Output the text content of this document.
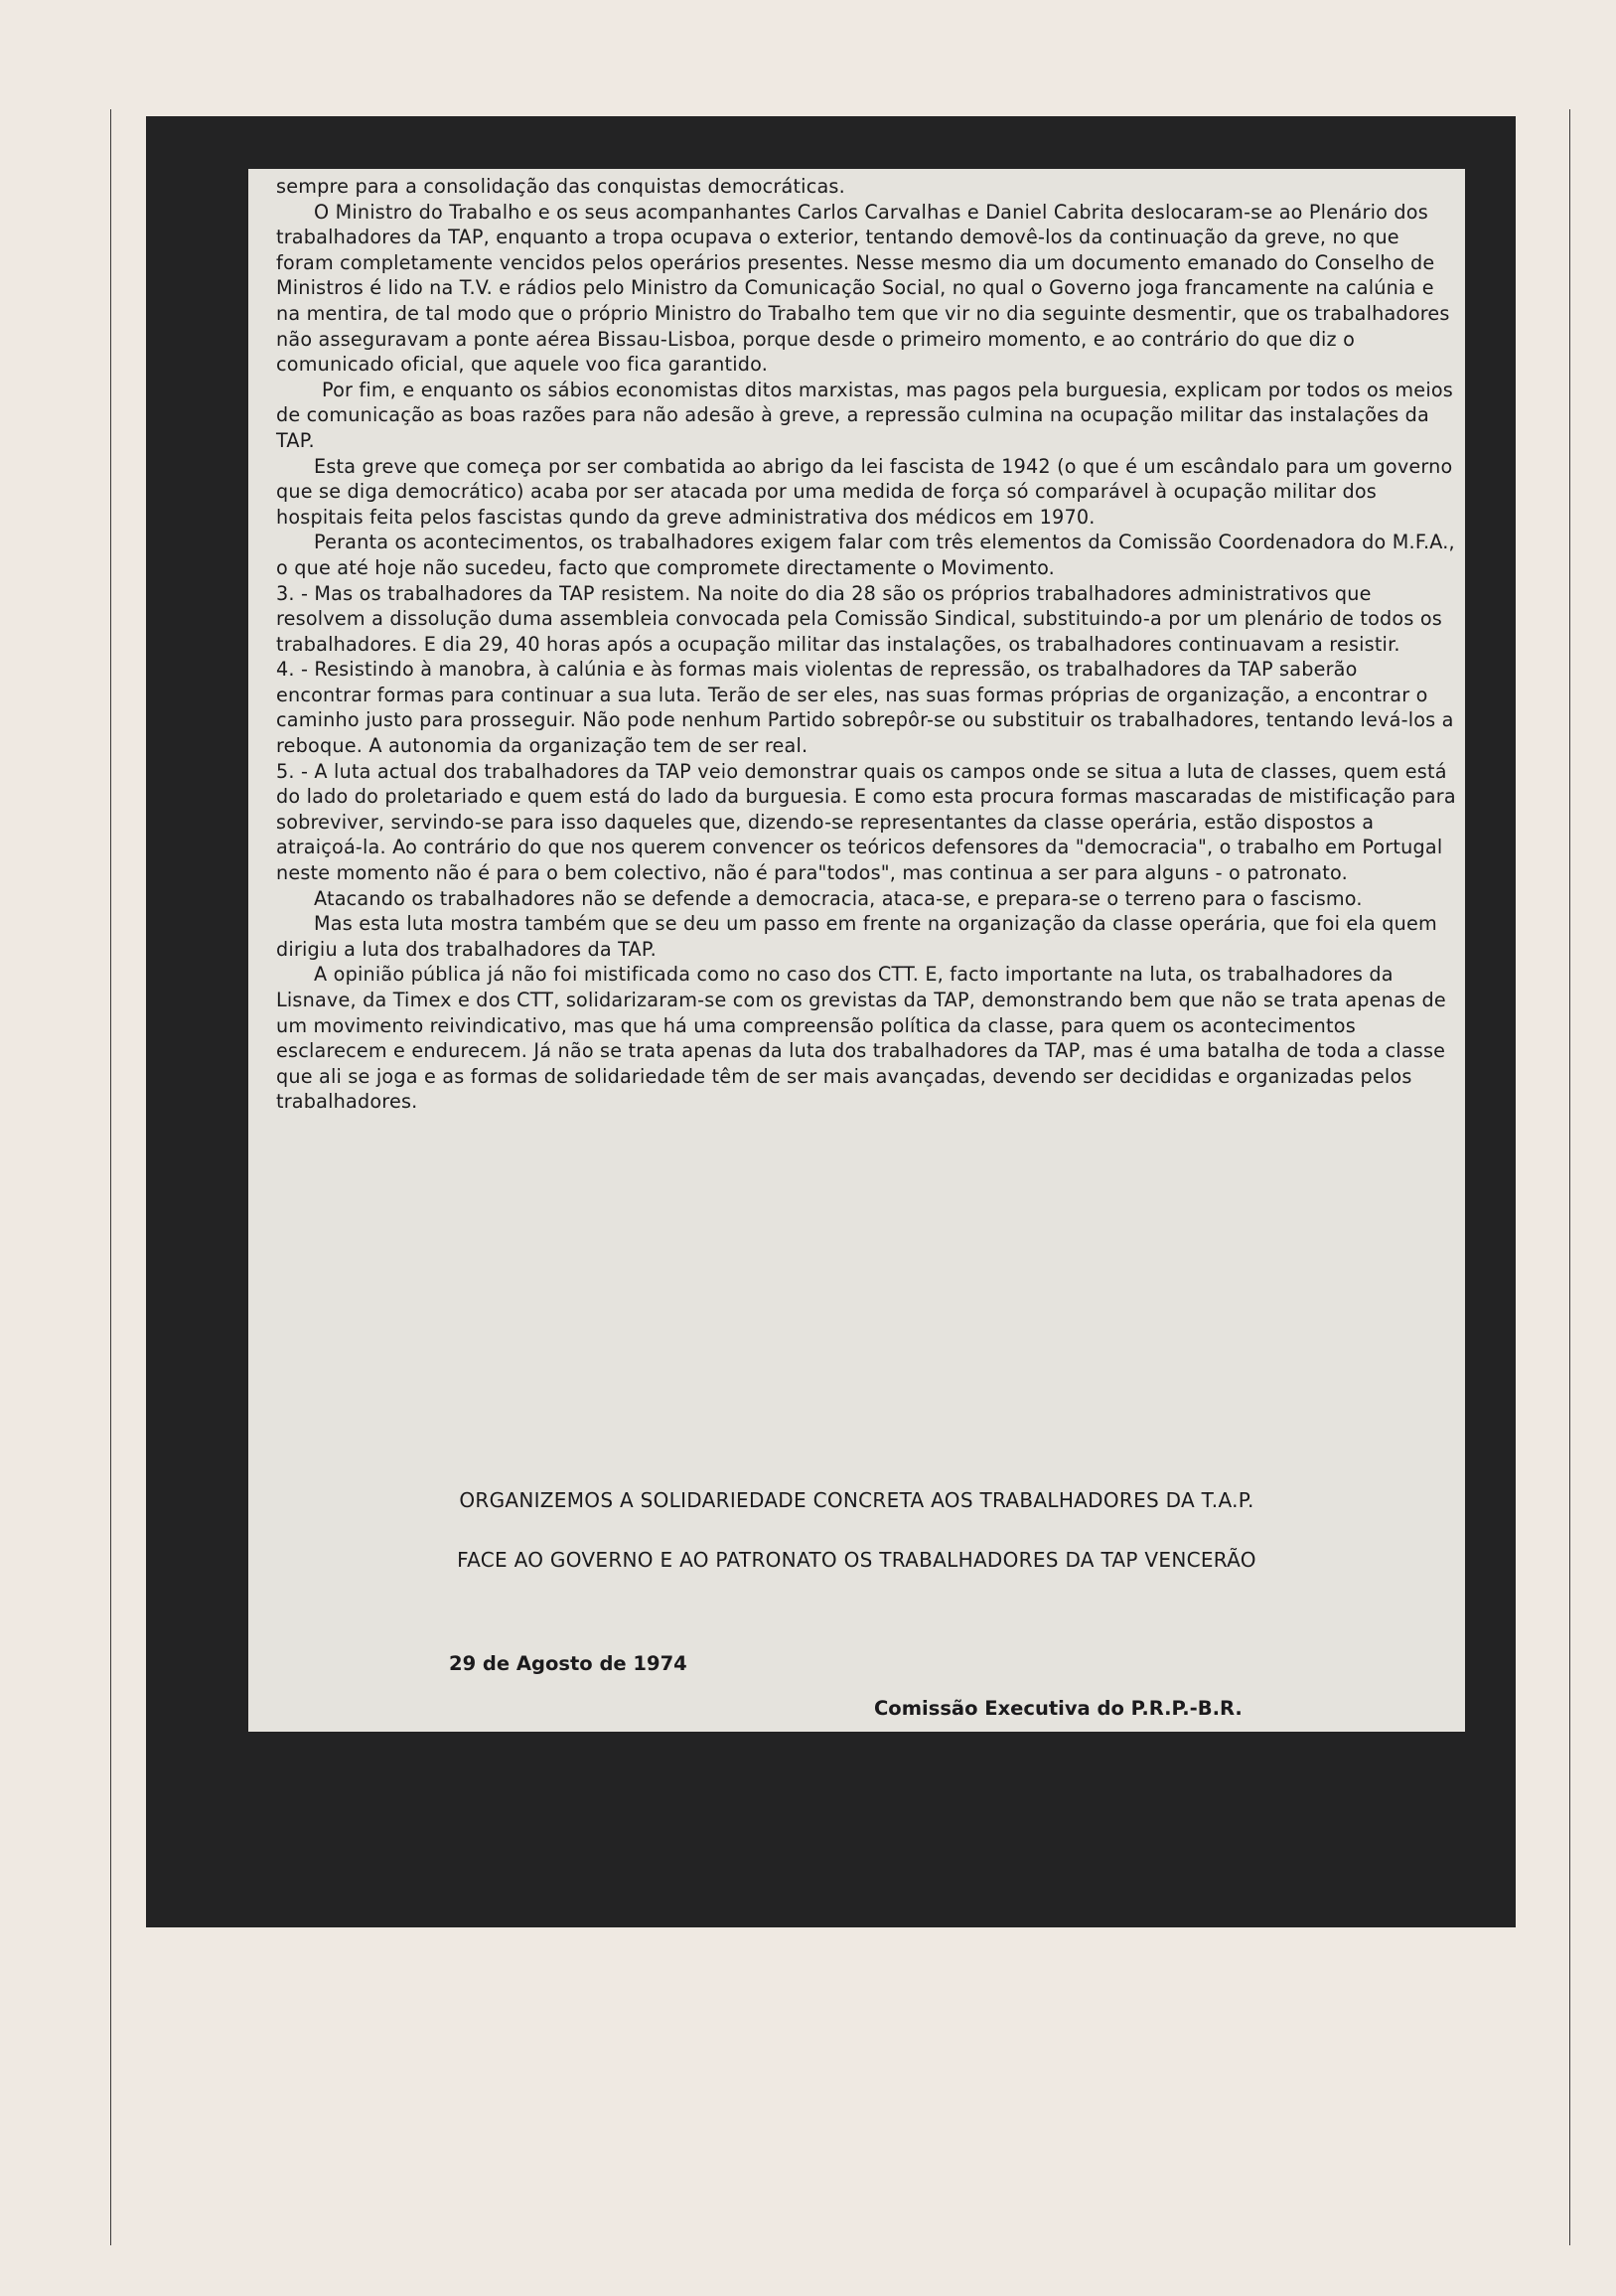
sempre para a consolidação das conquistas democráticas.

O Ministro do Trabalho e os seus acompanhantes Carlos Carvalhas e Daniel Cabrita deslocaram-se ao Plenário dos trabalhadores da TAP, enquanto a tropa ocupava o exterior, tentando demovê-los da continuação da greve, no que foram completamente vencidos pelos operários presentes. Nesse mesmo dia um documento emanado do Conselho de Ministros é lido na T.V. e rádios pelo Ministro da Comunicação Social, no qual o Governo joga francamente na calúnia e na mentira, de tal modo que o próprio Ministro do Trabalho tem que vir no dia seguinte desmentir, que os trabalhadores não asseguravam a ponte aérea Bissau-Lisboa, porque desde o primeiro momento, e ao contrário do que diz o comunicado oficial, que aquele voo fica garantido.

Por fim, e enquanto os sábios economistas ditos marxistas, mas pagos pela burguesia, explicam por todos os meios de comunicação as boas razões para não adesão à greve, a repressão culmina na ocupação militar das instalações da TAP.

Esta greve que começa por ser combatida ao abrigo da lei fascista de 1942 (o que é um escândalo para um governo que se diga democrático) acaba por ser atacada por uma medida de força só comparável à ocupação militar dos hospitais feita pelos fascistas qundo da greve administrativa dos médicos em 1970.

Peranta os acontecimentos, os trabalhadores exigem falar com três elementos da Comissão Coordenadora do M.F.A., o que até hoje não sucedeu, facto que compromete directamente o Movimento.

3. - Mas os trabalhadores da TAP resistem. Na noite do dia 28 são os próprios trabalhadores administrativos que resolvem a dissolução duma assembleia convocada pela Comissão Sindical, substituindo-a por um plenário de todos os trabalhadores. E dia 29, 40 horas após a ocupação militar das instalações, os trabalhadores continuavam a resistir.

4. - Resistindo à manobra, à calúnia e às formas mais violentas de repressão, os trabalhadores da TAP saberão encontrar formas para continuar a sua luta. Terão de ser eles, nas suas formas próprias de organização, a encontrar o caminho justo para prosseguir. Não pode nenhum Partido sobrepôr-se ou substituir os trabalhadores, tentando levá-los a reboque. A autonomia da organização tem de ser real.

5. - A luta actual dos trabalhadores da TAP veio demonstrar quais os campos onde se situa a luta de classes, quem está do lado do proletariado e quem está do lado da burguesia. E como esta procura formas mascaradas de mistificação para sobreviver, servindo-se para isso daqueles que, dizendo-se representantes da classe operária, estão dispostos a atraiçoá-la. Ao contrário do que nos querem convencer os teóricos defensores da "democracia", o trabalho em Portugal neste momento não é para o bem colectivo, não é para"todos", mas continua a ser para alguns - o patronato.

Atacando os trabalhadores não se defende a democracia, ataca-se, e prepara-se o terreno para o fascismo.

Mas esta luta mostra também que se deu um passo em frente na organização da classe operária, que foi ela quem dirigiu a luta dos trabalhadores da TAP.

A opinião pública já não foi mistificada como no caso dos CTT. E, facto importante na luta, os trabalhadores da Lisnave, da Timex e dos CTT, solidarizaram-se com os grevistas da TAP, demonstrando bem que não se trata apenas de um movimento reivindicativo, mas que há uma compreensão política da classe, para quem os acontecimentos esclarecem e endurecem. Já não se trata apenas da luta dos trabalhadores da TAP, mas é uma batalha de toda a classe que ali se joga e as formas de solidariedade têm de ser mais avançadas, devendo ser decididas e organizadas pelos trabalhadores.

ORGANIZEMOS A SOLIDARIEDADE CONCRETA AOS TRABALHADORES DA T.A.P.
FACE AO GOVERNO E AO PATRONATO OS TRABALHADORES DA TAP VENCERÃO
29 de Agosto de 1974
Comissão Executiva do P.R.P.-B.R.
